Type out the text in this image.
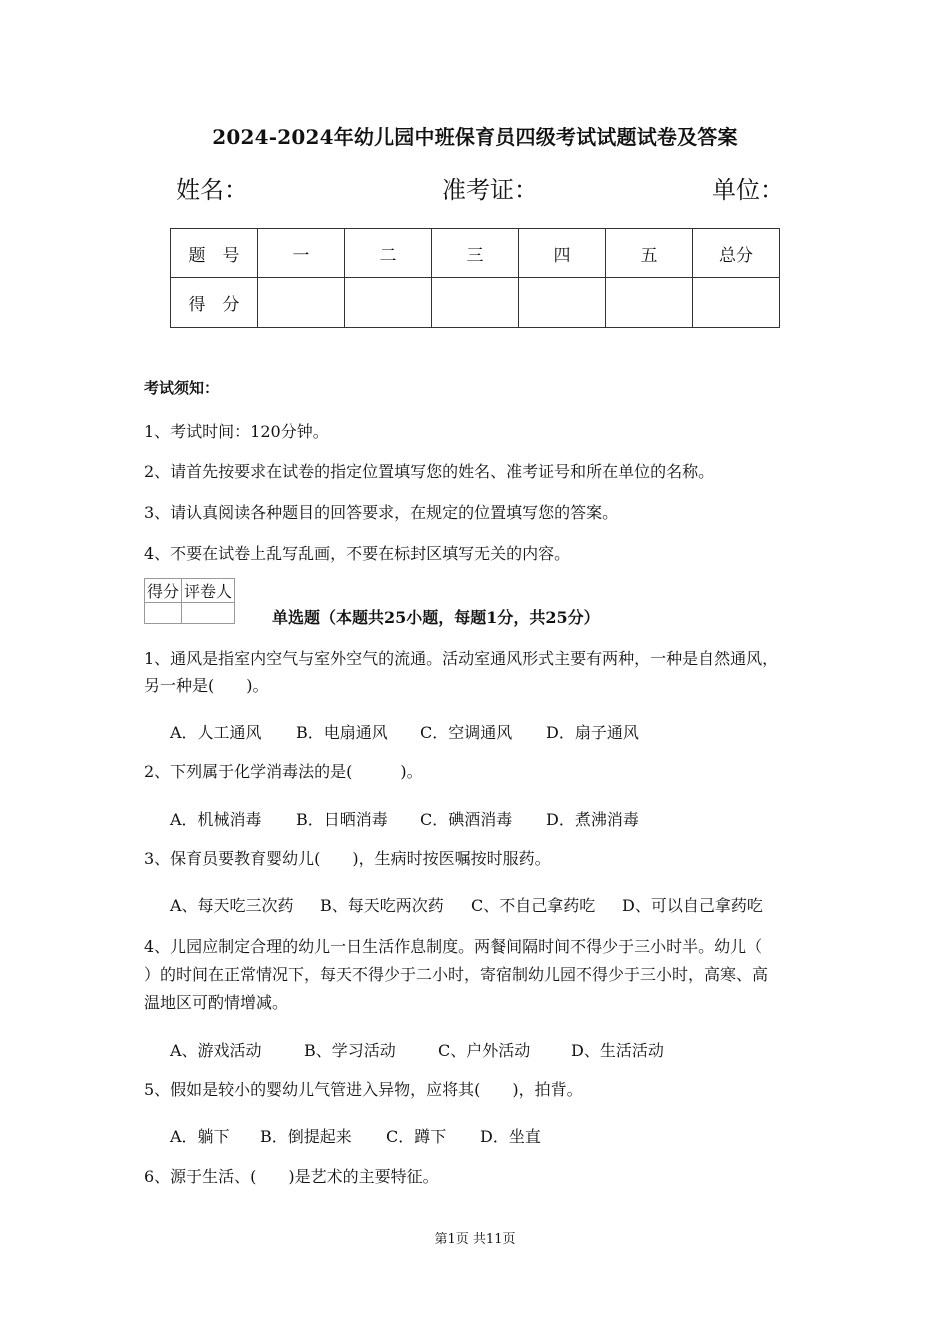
2024-2024年幼儿园中班保育员四级考试试题试卷及答案
姓名：	准考证：	单位：
题　号	一	二	三	四	五	总分
得　分						
考试须知：
1、考试时间：120分钟。
2、请首先按要求在试卷的指定位置填写您的姓名、准考证号和所在单位的名称。
3、请认真阅读各种题目的回答要求，在规定的位置填写您的答案。
4、不要在试卷上乱写乱画，不要在标封区填写无关的内容。
得分	评卷人

单选题（本题共25小题，每题1分，共25分）
1、通风是指室内空气与室外空气的流通。活动室通风形式主要有两种，一种是自然通风，
另一种是(　　)。
A．人工通风 B．电扇通风 C．空调通风 D．扇子通风
2、下列属于化学消毒法的是(　　　)。
A．机械消毒 B．日晒消毒 C．碘酒消毒 D．煮沸消毒
3、保育员要教育婴幼儿(　　)，生病时按医嘱按时服药。
A、每天吃三次药 B、每天吃两次药 C、不自己拿药吃 D、可以自己拿药吃
4、儿园应制定合理的幼儿一日生活作息制度。两餐间隔时间不得少于三小时半。幼儿（
）的时间在正常情况下，每天不得少于二小时，寄宿制幼儿园不得少于三小时，高寒、高
温地区可酌情增减。
A、游戏活动	B、学习活动	C、户外活动	D、生活活动
5、假如是较小的婴幼儿气管进入异物，应将其(　　)，拍背。
A．躺下 B．倒提起来 C．蹲下 D．坐直
6、源于生活、(　　)是艺术的主要特征。
第1页 共11页
